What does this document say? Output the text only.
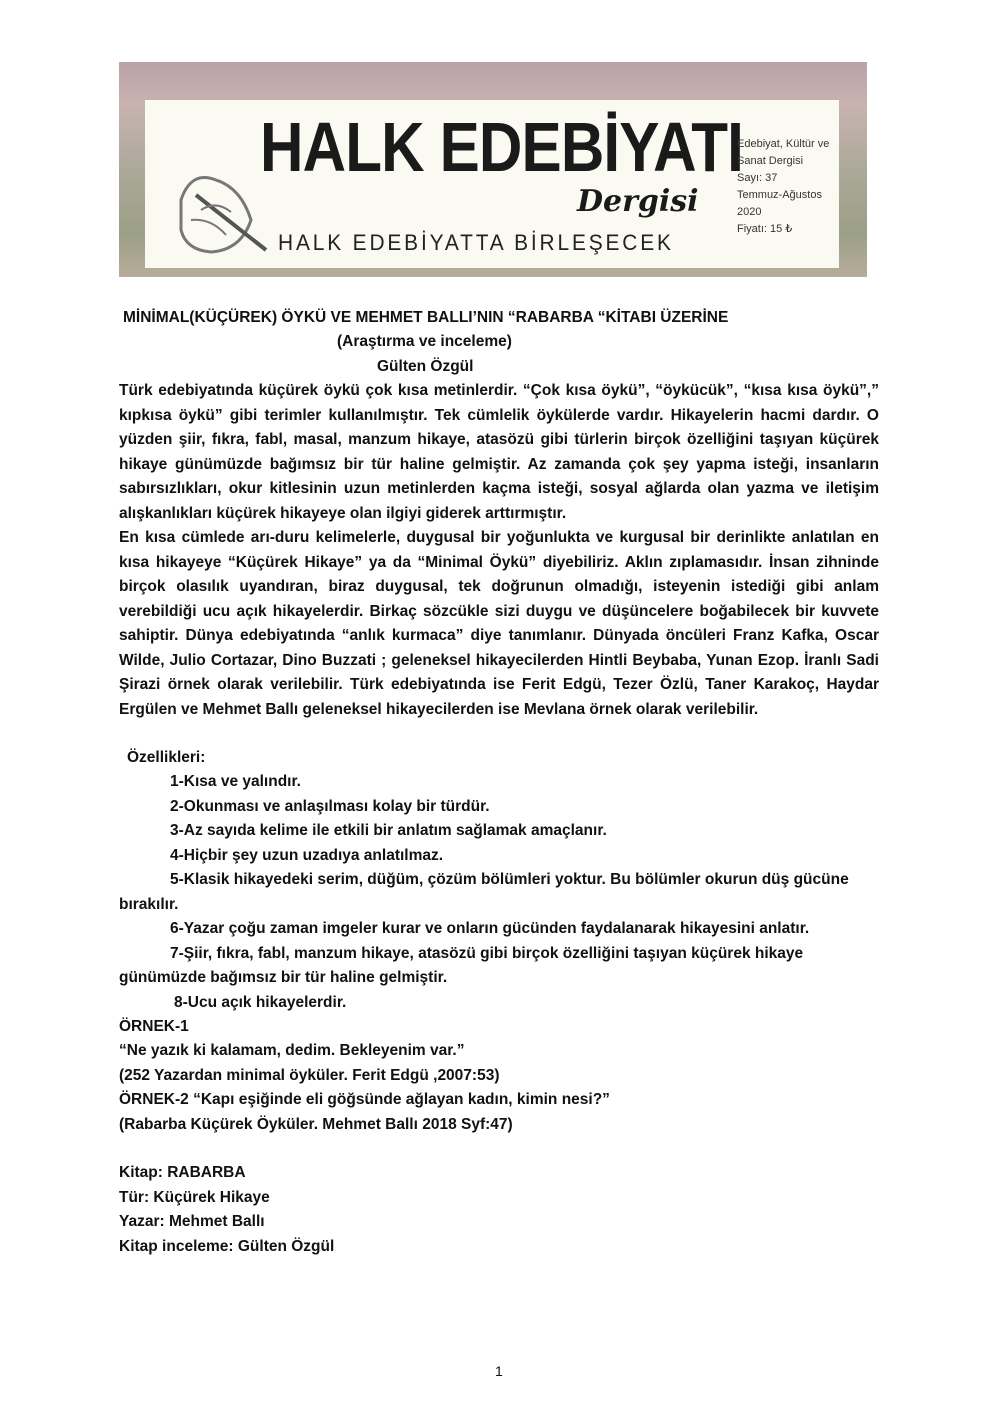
HALK EDEBİYATI
Dergisi
HALK EDEBİYATTA BİRLEŞECEK
Edebiyat, Kültür ve
Sanat Dergisi
Sayı: 37
Temmuz-Ağustos 2020
Fiyatı: 15 ₺
MİNİMAL(KÜÇÜREK) ÖYKÜ VE MEHMET BALLI’NIN “RABARBA “KİTABI ÜZERİNE
(Araştırma ve inceleme)
Gülten Özgül
Türk edebiyatında küçürek öykü çok kısa metinlerdir. “Çok kısa öykü”, “öykücük”, “kısa kısa öykü”,” kıpkısa öykü” gibi terimler kullanılmıştır. Tek cümlelik öykülerde vardır. Hikayelerin hacmi dardır. O yüzden şiir, fıkra, fabl, masal, manzum hikaye, atasözü gibi türlerin birçok özelliğini taşıyan küçürek hikaye günümüzde bağımsız bir tür haline gelmiştir. Az zamanda çok şey yapma isteği, insanların sabırsızlıkları, okur kitlesinin uzun metinlerden kaçma isteği, sosyal ağlarda olan yazma ve iletişim alışkanlıkları küçürek hikayeye olan ilgiyi giderek arttırmıştır.
En kısa cümlede arı-duru kelimelerle, duygusal bir yoğunlukta ve kurgusal bir derinlikte anlatılan en kısa hikayeye “Küçürek Hikaye” ya da “Minimal Öykü” diyebiliriz. Aklın zıplamasıdır. İnsan zihninde birçok olasılık uyandıran, biraz duygusal, tek doğrunun olmadığı, isteyenin istediği gibi anlam verebildiği ucu açık hikayelerdir. Birkaç sözcükle sizi duygu ve düşüncelere boğabilecek bir kuvvete sahiptir. Dünya edebiyatında “anlık kurmaca” diye tanımlanır. Dünyada öncüleri Franz Kafka, Oscar Wilde, Julio Cortazar, Dino Buzzati ; geleneksel hikayecilerden Hintli Beybaba, Yunan Ezop. İranlı Sadi Şirazi örnek olarak verilebilir. Türk edebiyatında ise Ferit Edgü, Tezer Özlü, Taner Karakoç, Haydar Ergülen ve Mehmet Ballı geleneksel hikayecilerden ise Mevlana örnek olarak verilebilir.
Özellikleri:
1-Kısa ve yalındır.
2-Okunması ve anlaşılması kolay bir türdür.
3-Az sayıda kelime ile etkili bir anlatım sağlamak amaçlanır.
4-Hiçbir şey uzun uzadıya anlatılmaz.
5-Klasik hikayedeki serim, düğüm, çözüm bölümleri yoktur. Bu bölümler okurun düş gücüne
bırakılır.
6-Yazar çoğu zaman imgeler kurar ve onların gücünden faydalanarak hikayesini anlatır.
7-Şiir, fıkra, fabl, manzum hikaye, atasözü gibi birçok özelliğini taşıyan küçürek hikaye
günümüzde bağımsız bir tür haline gelmiştir.
8-Ucu açık hikayelerdir.
ÖRNEK-1
“Ne yazık ki kalamam, dedim. Bekleyenim var.”
(252 Yazardan minimal öyküler. Ferit Edgü ,2007:53)
ÖRNEK-2 “Kapı eşiğinde eli göğsünde ağlayan kadın, kimin nesi?”
(Rabarba Küçürek Öyküler. Mehmet Ballı 2018 Syf:47)
Kitap: RABARBA
Tür: Küçürek Hikaye
Yazar: Mehmet Ballı
Kitap inceleme: Gülten Özgül
1
